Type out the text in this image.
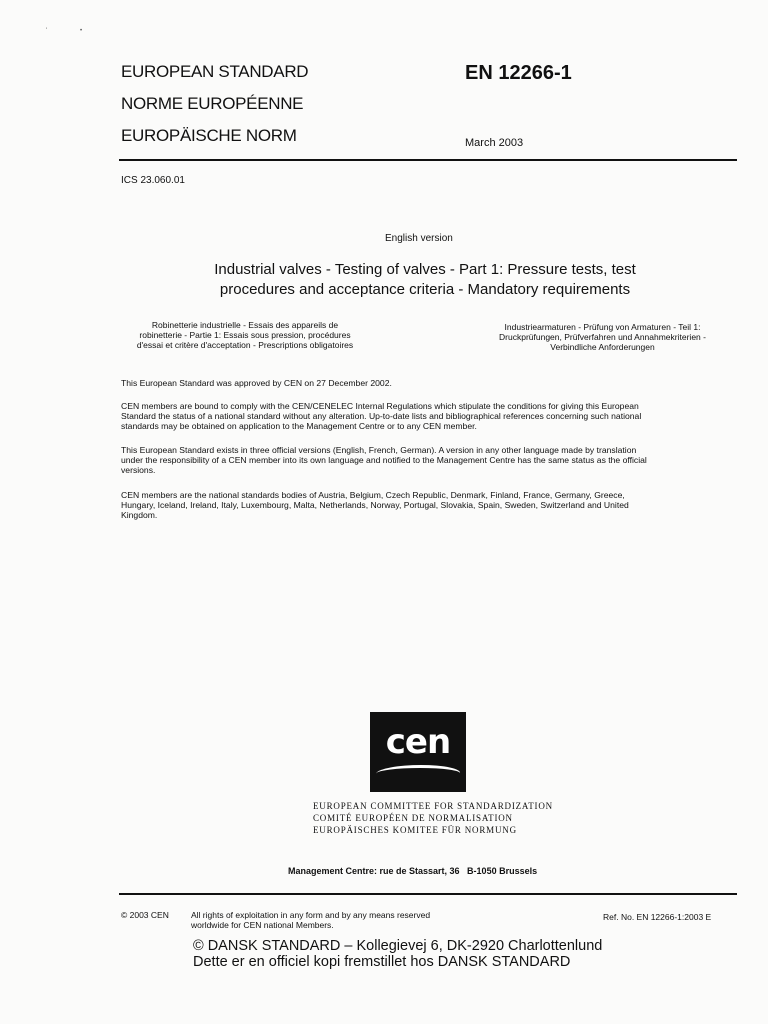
'	•
EUROPEAN STANDARD
NORME EUROPÉENNE
EUROPÄISCHE NORM
EN 12266-1
March 2003
ICS 23.060.01
English version
Industrial valves - Testing of valves - Part 1: Pressure tests, test
procedures and acceptance criteria - Mandatory requirements
Robinetterie industrielle - Essais des appareils de
robinetterie - Partie 1: Essais sous pression, procédures
d'essai et critère d'acceptation - Prescriptions obligatoires
Industriearmaturen - Prüfung von Armaturen - Teil 1:
Druckprüfungen, Prüfverfahren und Annahmekriterien -
Verbindliche Anforderungen
This European Standard was approved by CEN on 27 December 2002.
CEN members are bound to comply with the CEN/CENELEC Internal Regulations which stipulate the conditions for giving this European
Standard the status of a national standard without any alteration. Up-to-date lists and bibliographical references concerning such national
standards may be obtained on application to the Management Centre or to any CEN member.
This European Standard exists in three official versions (English, French, German). A version in any other language made by translation
under the responsibility of a CEN member into its own language and notified to the Management Centre has the same status as the official
versions.
CEN members are the national standards bodies of Austria, Belgium, Czech Republic, Denmark, Finland, France, Germany, Greece,
Hungary, Iceland, Ireland, Italy, Luxembourg, Malta, Netherlands, Norway, Portugal, Slovakia, Spain, Sweden, Switzerland and United
Kingdom.
cen
EUROPEAN COMMITTEE FOR STANDARDIZATION
COMITÉ EUROPÉEN DE NORMALISATION
EUROPÄISCHES KOMITEE FÜR NORMUNG
Management Centre: rue de Stassart, 36   B-1050 Brussels
© 2003 CEN	All rights of exploitation in any form and by any means reserved
worldwide for CEN national Members.
Ref. No. EN 12266-1:2003 E
© DANSK STANDARD – Kollegievej 6, DK-2920 Charlottenlund
Dette er en officiel kopi fremstillet hos DANSK STANDARD
